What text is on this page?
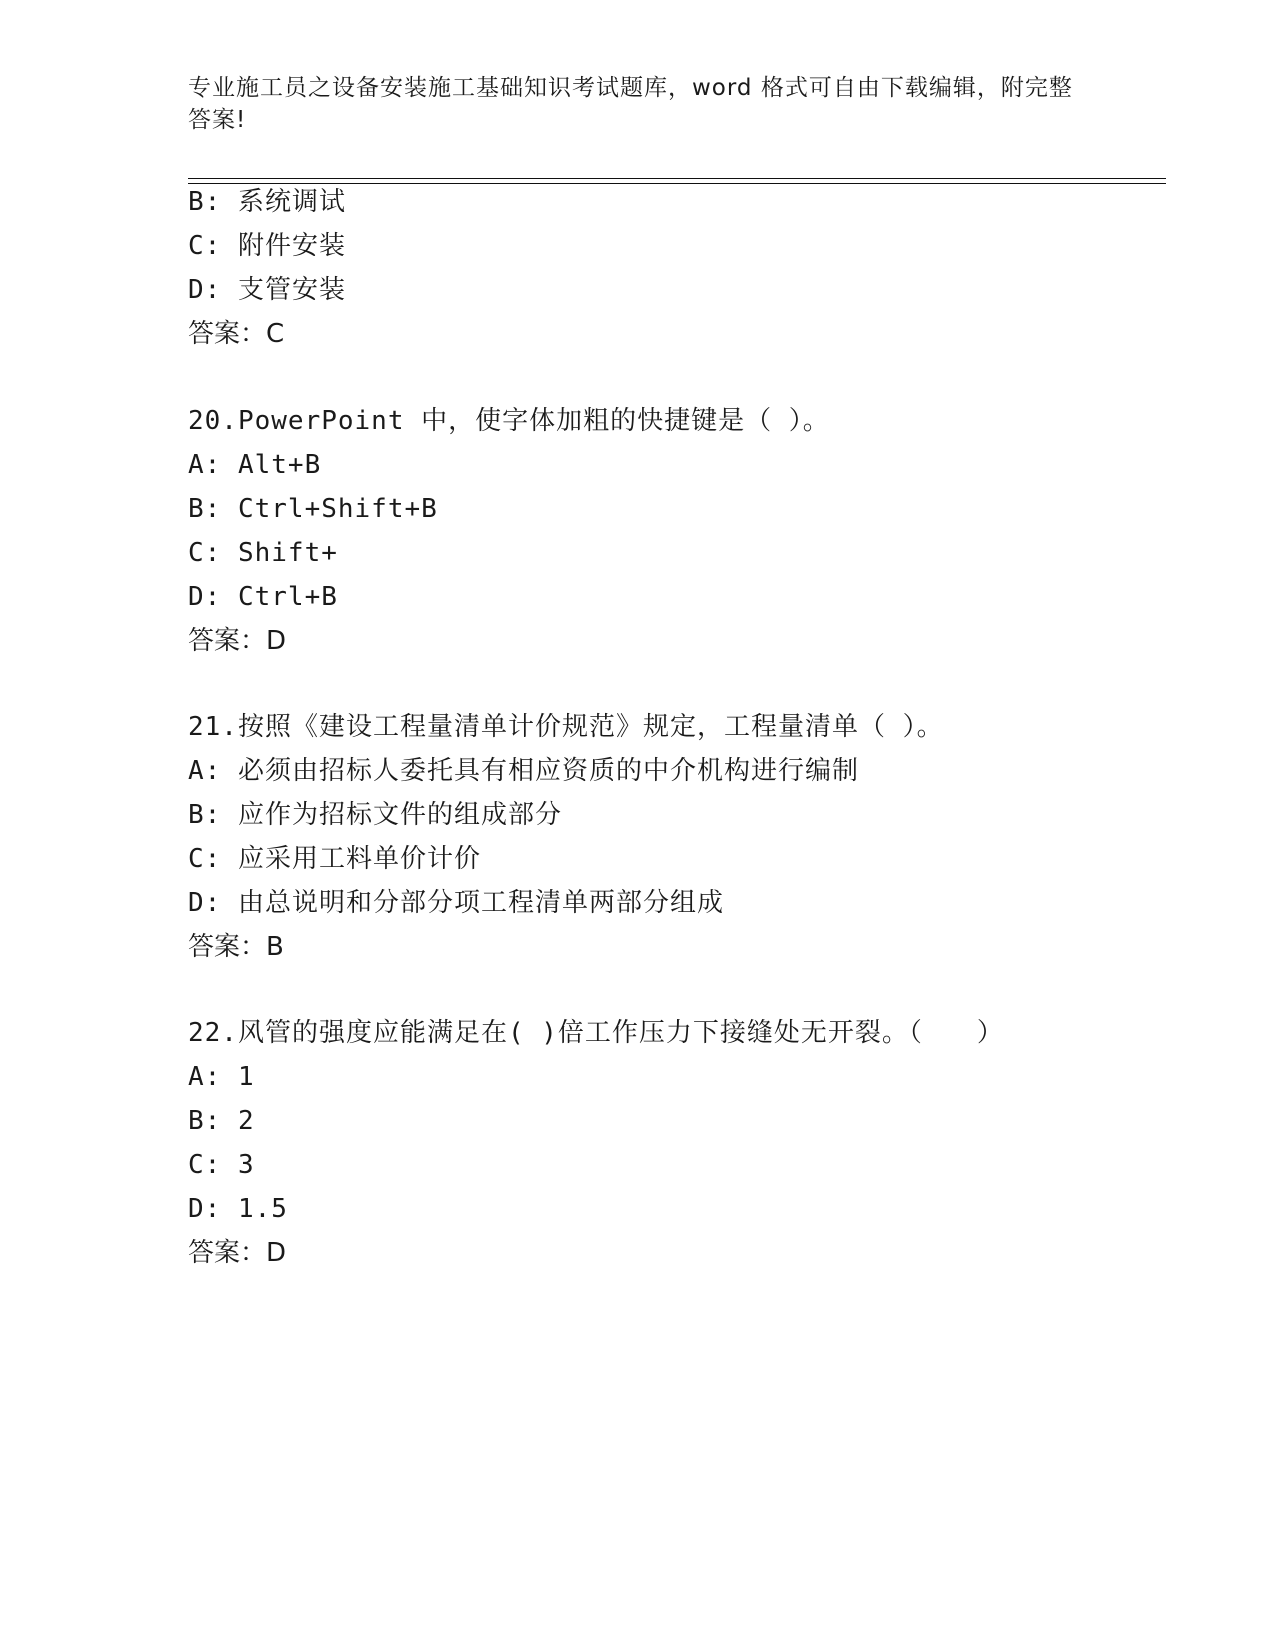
专业施工员之设备安装施工基础知识考试题库，word 格式可自由下载编辑，附完整答案!
B: 系统调试
C: 附件安装
D: 支管安装
答案：C
20.PowerPoint 中，使字体加粗的快捷键是（ ）。
A: Alt+B
B: Ctrl+Shift+B
C: Shift+
D: Ctrl+B
答案：D
21.按照《建设工程量清单计价规范》规定，工程量清单（ ）。
A: 必须由招标人委托具有相应资质的中介机构进行编制
B: 应作为招标文件的组成部分
C: 应采用工料单价计价
D: 由总说明和分部分项工程清单两部分组成
答案：B
22.风管的强度应能满足在( )倍工作压力下接缝处无开裂。（　　）
A: 1
B: 2
C: 3
D: 1.5
答案：D
